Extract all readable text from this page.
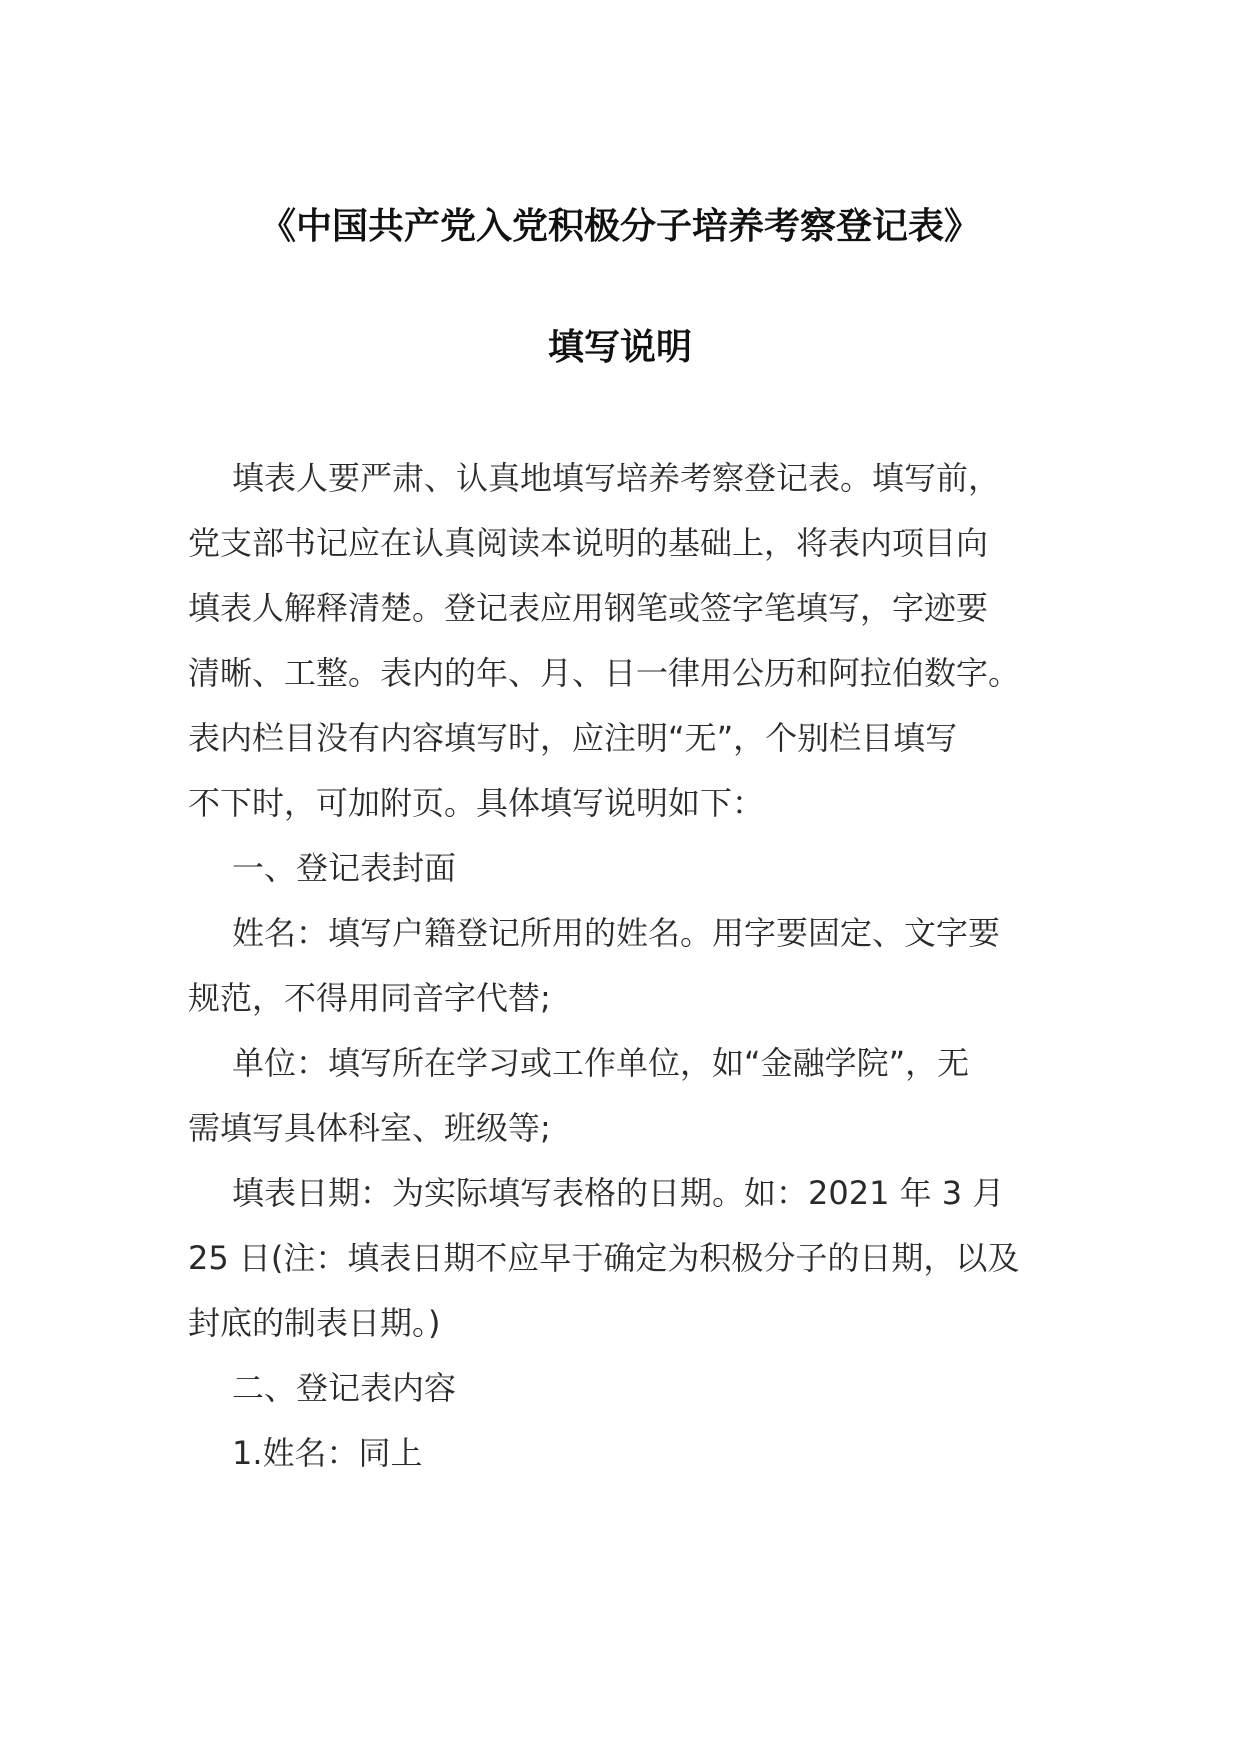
《中国共产党入党积极分子培养考察登记表》
填写说明

填表人要严肃、认真地填写培养考察登记表。填写前，

党支部书记应在认真阅读本说明的基础上，将表内项目向

填表人解释清楚。登记表应用钢笔或签字笔填写，字迹要

清晰、工整。表内的年、月、日一律用公历和阿拉伯数字。

表内栏目没有内容填写时，应注明“无”，个别栏目填写

不下时，可加附页。具体填写说明如下：

一、登记表封面

姓名：填写户籍登记所用的姓名。用字要固定、文字要

规范，不得用同音字代替;

单位：填写所在学习或工作单位，如“金融学院”，无

需填写具体科室、班级等;

填表日期：为实际填写表格的日期。如：2021 年 3 月

25 日(注：填表日期不应早于确定为积极分子的日期，以及

封底的制表日期。)

二、登记表内容

1.姓名：同上
